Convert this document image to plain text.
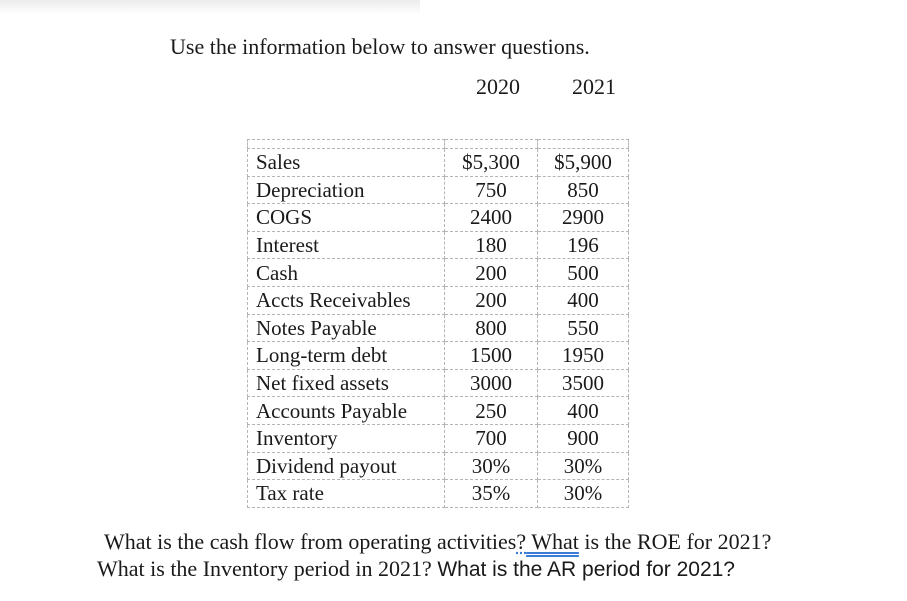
Use the information below to answer questions.
2020 2021

Sales	$5,300	$5,900
Depreciation	750	850
COGS	2400	2900
Interest	180	196
Cash	200	500
Accts Receivables	200	400
Notes Payable	800	550
Long-term debt	1500	1950
Net fixed assets	3000	3500
Accounts Payable	250	400
Inventory	700	900
Dividend payout	30%	30%
Tax rate	35%	30%
What is the cash flow from operating activities? What is the ROE for 2021?
What is the Inventory period in 2021? What is the AR period for 2021?
